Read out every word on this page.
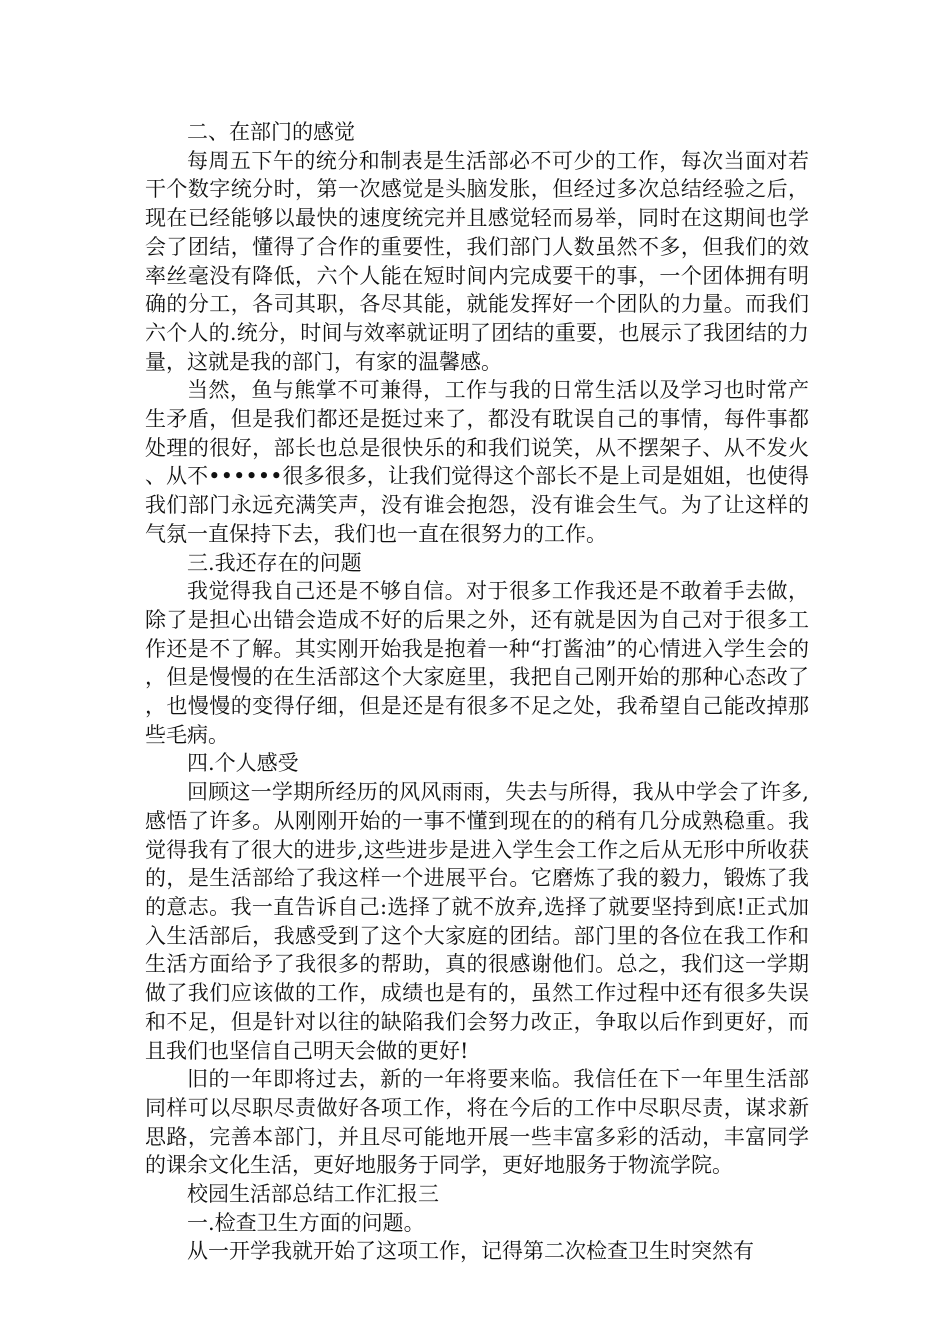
二、在部门的感觉

每周五下午的统分和制表是生活部必不可少的工作，每次当面对若干个数字统分时，第一次感觉是头脑发胀，但经过多次总结经验之后，现在已经能够以最快的速度统完并且感觉轻而易举，同时在这期间也学会了团结，懂得了合作的重要性，我们部门人数虽然不多，但我们的效率丝毫没有降低，六个人能在短时间内完成要干的事，一个团体拥有明确的分工，各司其职，各尽其能，就能发挥好一个团队的力量。而我们六个人的.统分，时间与效率就证明了团结的重要，也展示了我团结的力量，这就是我的部门，有家的温馨感。

当然，鱼与熊掌不可兼得，工作与我的日常生活以及学习也时常产生矛盾，但是我们都还是挺过来了，都没有耽误自己的事情，每件事都处理的很好，部长也总是很快乐的和我们说笑，从不摆架子、从不发火、从不••••••很多很多，让我们觉得这个部长不是上司是姐姐，也使得我们部门永远充满笑声，没有谁会抱怨，没有谁会生气。为了让这样的气氛一直保持下去，我们也一直在很努力的工作。

三.我还存在的问题

我觉得我自己还是不够自信。对于很多工作我还是不敢着手去做，除了是担心出错会造成不好的后果之外，还有就是因为自己对于很多工作还是不了解。其实刚开始我是抱着一种“打酱油”的心情进入学生会的，但是慢慢的在生活部这个大家庭里，我把自己刚开始的那种心态改了，也慢慢的变得仔细，但是还是有很多不足之处，我希望自己能改掉那些毛病。

四.个人感受

回顾这一学期所经历的风风雨雨，失去与所得，我从中学会了许多,感悟了许多。从刚刚开始的一事不懂到现在的的稍有几分成熟稳重。我觉得我有了很大的进步,这些进步是进入学生会工作之后从无形中所收获的，是生活部给了我这样一个进展平台。它磨炼了我的毅力，锻炼了我的意志。我一直告诉自己:选择了就不放弃,选择了就要坚持到底!正式加入生活部后，我感受到了这个大家庭的团结。部门里的各位在我工作和生活方面给予了我很多的帮助，真的很感谢他们。总之，我们这一学期做了我们应该做的工作，成绩也是有的，虽然工作过程中还有很多失误和不足，但是针对以往的缺陷我们会努力改正，争取以后作到更好，而且我们也坚信自己明天会做的更好!

旧的一年即将过去，新的一年将要来临。我信任在下一年里生活部同样可以尽职尽责做好各项工作，将在今后的工作中尽职尽责，谋求新思路，完善本部门，并且尽可能地开展一些丰富多彩的活动，丰富同学的课余文化生活，更好地服务于同学，更好地服务于物流学院。

校园生活部总结工作汇报三

一.检查卫生方面的问题。

从一开学我就开始了这项工作，记得第二次检查卫生时突然有
